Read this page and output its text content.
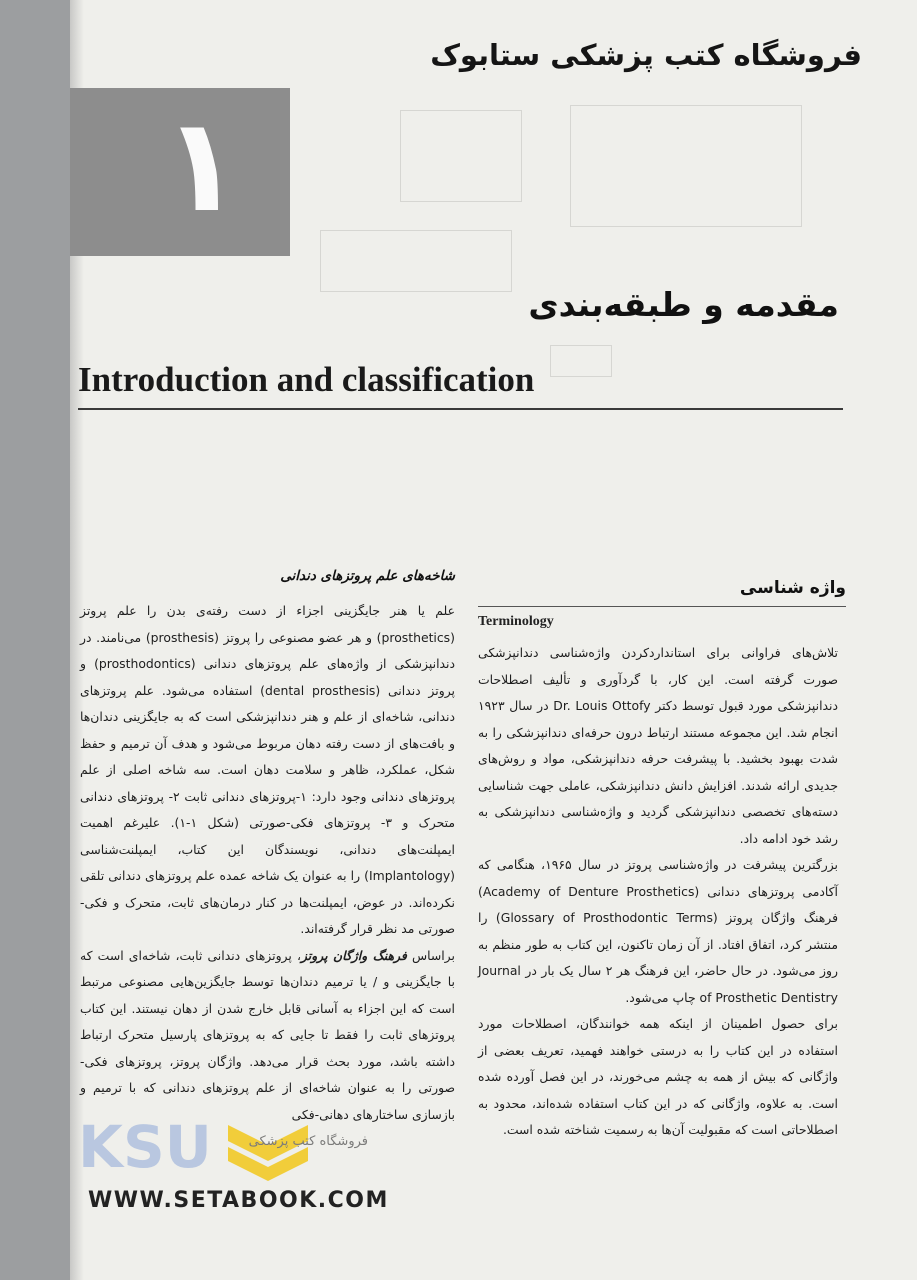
۱
فروشگاه کتب پزشکی ستابوک
مقدمه و طبقه‌بندی
Introduction and classification
واژه شناسی
Terminology

تلاش‌های فراوانی برای استانداردکردن واژه‌شناسی دندانپزشکی صورت گرفته است. این کار، با گردآوری و تألیف اصطلاحات دندانپزشکی مورد قبول توسط دکتر Dr. Louis Ottofy در سال ۱۹۲۳ انجام شد. این مجموعه مستند ارتباط درون حرفه‌ای دندانپزشکی را به شدت بهبود بخشید. با پیشرفت حرفه دندانپزشکی، مواد و روش‌های جدیدی ارائه شدند. افزایش دانش دندانپزشکی، عاملی جهت شناسایی دسته‌های تخصصی دندانپزشکی گردید و واژه‌شناسی دندانپزشکی به رشد خود ادامه داد.

بزرگترین پیشرفت در واژه‌شناسی پروتز در سال ۱۹۶۵، هنگامی که آکادمی پروتزهای دندانی (Academy of Denture Prosthetics) فرهنگ واژگان پروتز (Glossary of Prosthodontic Terms) را منتشر کرد، اتفاق افتاد. از آن زمان تاکنون، این کتاب به طور منظم به روز می‌شود. در حال حاضر، این فرهنگ هر ۲ سال یک بار در Journal of Prosthetic Dentistry چاپ می‌شود.

برای حصول اطمینان از اینکه همه خوانندگان، اصطلاحات مورد استفاده در این کتاب را به درستی خواهند فهمید، تعریف بعضی از واژگانی که بیش از همه به چشم می‌خورند، در این فصل آورده شده است. به علاوه، واژگانی که در این کتاب استفاده شده‌اند، محدود به اصطلاحاتی است که مقبولیت آن‌ها به رسمیت شناخته شده است.

شاخه‌های علم پروتزهای دندانی

علم یا هنر جایگزینی اجزاء از دست رفته‌ی بدن را علم پروتز (prosthetics) و هر عضو مصنوعی را پروتز (prosthesis) می‌نامند. در دندانپزشکی از واژه‌های علم پروتزهای دندانی (prosthodontics) و پروتز دندانی (dental prosthesis) استفاده می‌شود. علم پروتزهای دندانی، شاخه‌ای از علم و هنر دندانپزشکی است که به جایگزینی دندان‌ها و بافت‌های از دست رفته دهان مربوط می‌شود و هدف آن ترمیم و حفظ شکل، عملکرد، ظاهر و سلامت دهان است. سه شاخه اصلی از علم پروتزهای دندانی وجود دارد: ۱-پروتزهای دندانی ثابت ۲- پروتزهای دندانی متحرک و ۳- پروتزهای فکی-صورتی (شکل ۱-۱). علیرغم اهمیت ایمپلنت‌های دندانی، نویسندگان این کتاب، ایمپلنت‌شناسی (Implantology) را به عنوان یک شاخه عمده علم پروتزهای دندانی تلقی نکرده‌اند. در عوض، ایمپلنت‌ها در کنار درمان‌های ثابت، متحرک و فکی-صورتی مد نظر قرار گرفته‌اند.

براساس فرهنگ واژگان پروتز، پروتزهای دندانی ثابت، شاخه‌ای است که با جایگزینی و / یا ترمیم دندان‌ها توسط جایگزین‌هایی مصنوعی مرتبط است که این اجزاء به آسانی قابل خارج شدن از دهان نیستند. این کتاب پروتزهای ثابت را فقط تا جایی که به پروتزهای پارسیل متحرک ارتباط داشته باشد، مورد بحث قرار می‌دهد. واژگان پروتز، پروتزهای فکی-صورتی را به عنوان شاخه‌ای از علم پروتزهای دندانی که با ترمیم و بازسازی ساختارهای دهانی-فکی

KSU	فروشگاه کتب پزشکی
WWW.SETABOOK.COM
